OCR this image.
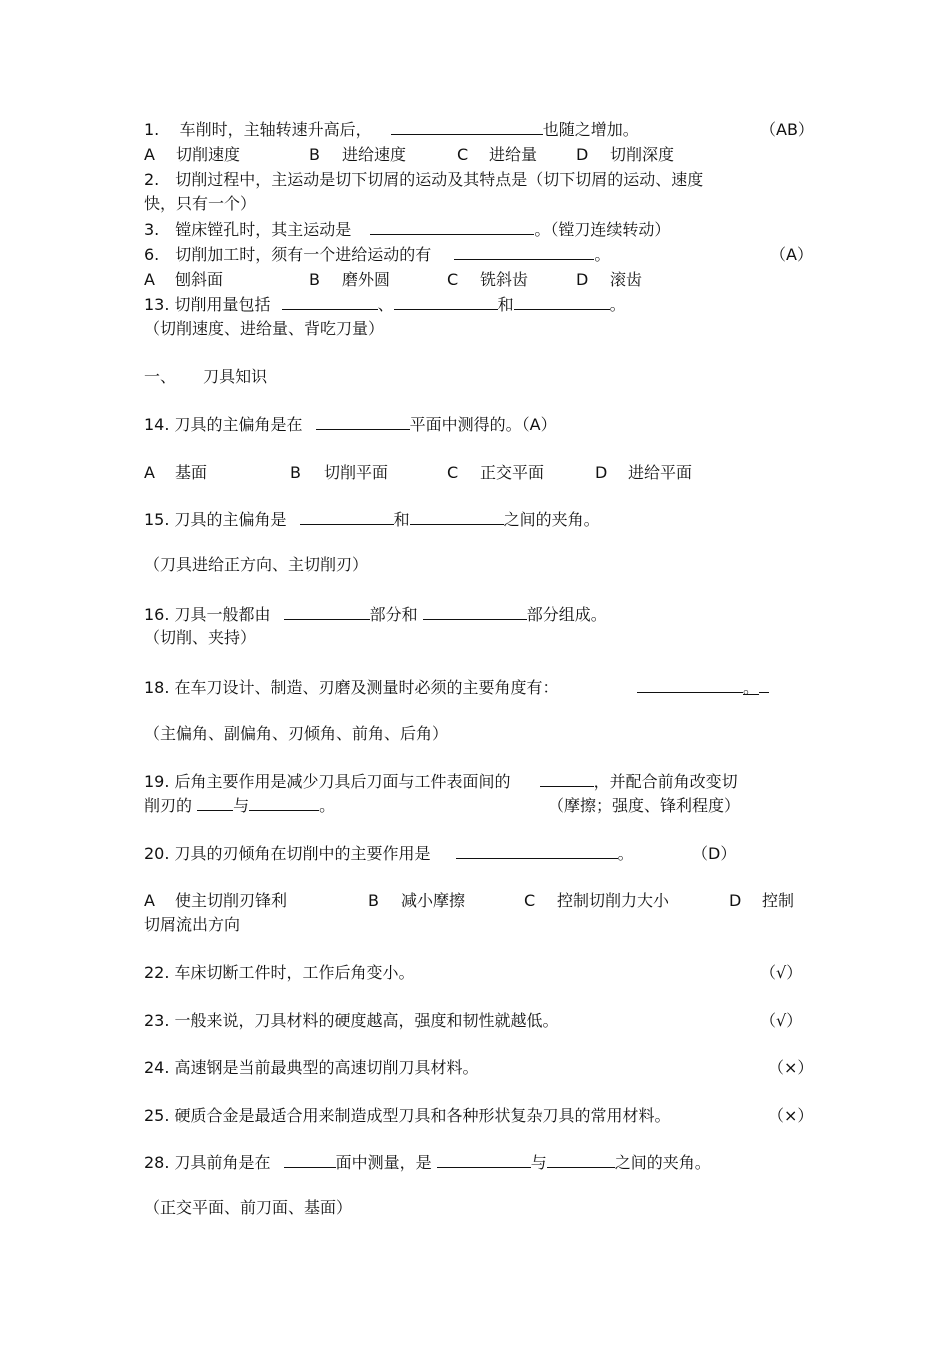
1. 车削时，主轴转速升高后，	也随之增加。	（AB）
A 切削速度	B 进给速度	C 进给量 D 切削深度
2.　切削过程中，主运动是切下切屑的运动及其特点是（切下切屑的运动、速度
快，只有一个）
3.　镗床镗孔时，其主运动是	。（镗刀连续转动）
6.　切削加工时，须有一个进给运动的有	。	（A）
A 刨斜面	B 磨外圆	C 铣斜齿	D 滚齿
13. 切削用量包括	、	和	。
（切削速度、进给量、背吃刀量）
一、 刀具知识
14. 刀具的主偏角是在	平面中测得的。（A）
A 基面	B 切削平面	C 正交平面	D 进给平面
15. 刀具的主偏角是	和	之间的夹角。
（刀具进给正方向、主切削刃）
16. 刀具一般都由	部分和	部分组成。
（切削、夹持）
18. 在车刀设计、制造、刃磨及测量时必须的主要角度有：	。
（主偏角、副偏角、刃倾角、前角、后角）
19. 后角主要作用是减少刀具后刀面与工件表面间的	，并配合前角改变切
削刃的	与	。	（摩擦；强度、锋利程度）
20. 刀具的刃倾角在切削中的主要作用是	。	（D）
A 使主切削刃锋利	B 减小摩擦	C 控制切削力大小	D 控制
切屑流出方向
22. 车床切断工件时，工作后角变小。	（√）
23. 一般来说，刀具材料的硬度越高，强度和韧性就越低。	（√）
24. 高速钢是当前最典型的高速切削刀具材料。	（×）
25. 硬质合金是最适合用来制造成型刀具和各种形状复杂刀具的常用材料。	（×）
28. 刀具前角是在	面中测量，是	与	之间的夹角。
（正交平面、前刀面、基面）
